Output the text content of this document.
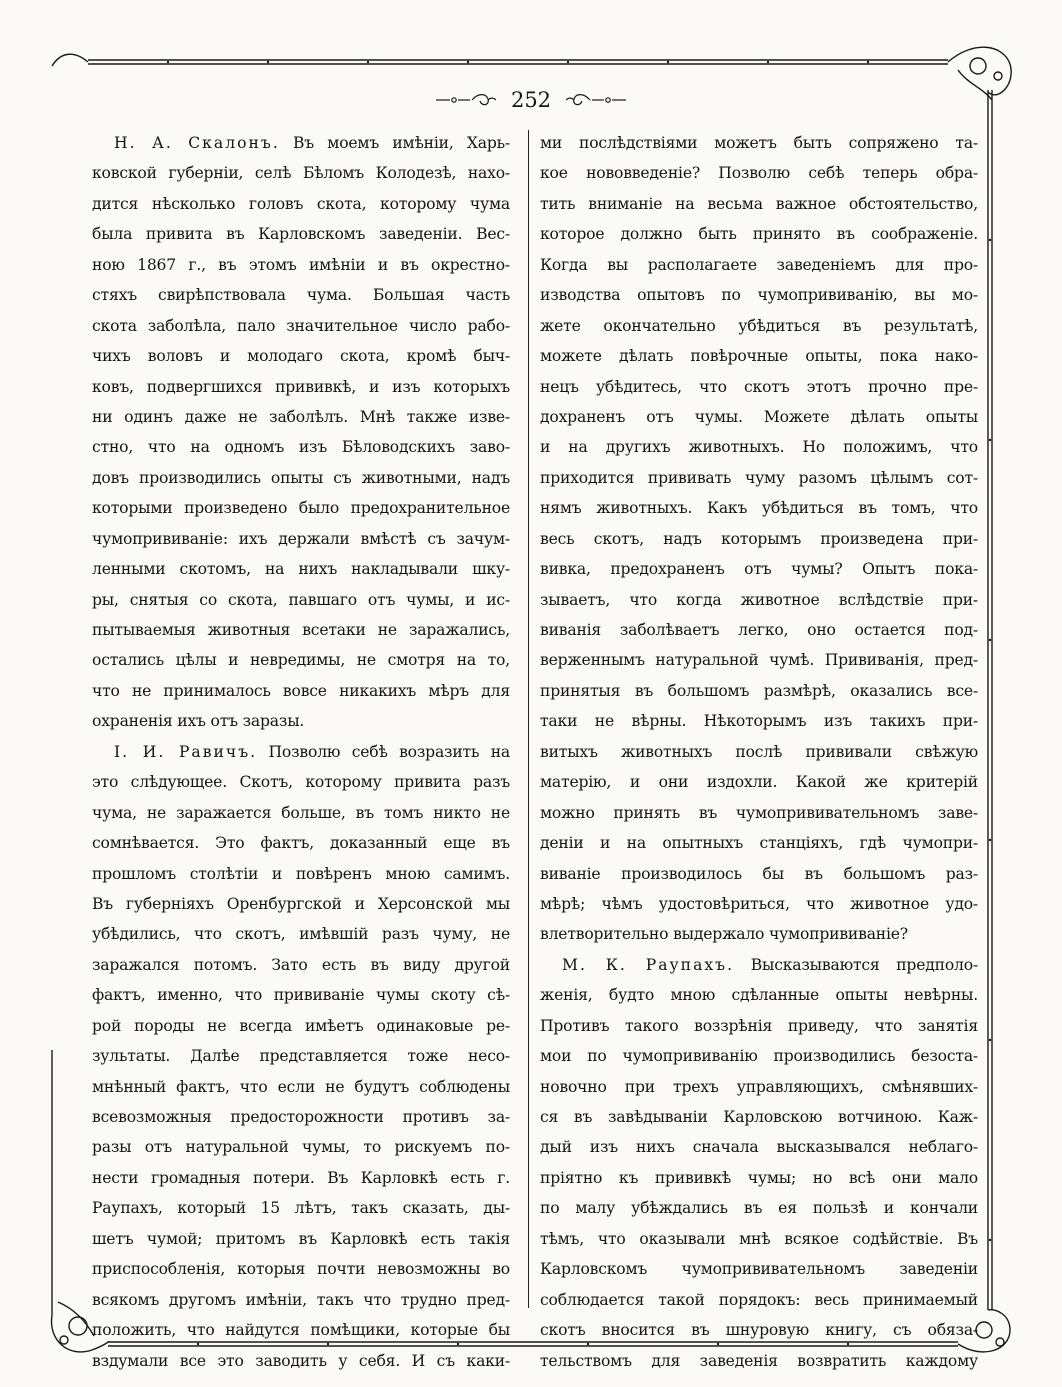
252
Н. А. Скалонъ. Въ моемъ имѣніи, Харь-
ковской губерніи, селѣ Бѣломъ Колодезѣ, нахо-
дится нѣсколько головъ скота, которому чума
была привита въ Карловскомъ заведеніи. Вес-
ною 1867 г., въ этомъ имѣніи и въ окрестно-
стяхъ свирѣпствовала чума. Большая часть
скота заболѣла, пало значительное число рабо-
чихъ воловъ и молодаго скота, кромѣ быч-
ковъ, подвергшихся прививкѣ, и изъ которыхъ
ни одинъ даже не заболѣлъ. Мнѣ также изве-
стно, что на одномъ изъ Бѣловодскихъ заво-
довъ производились опыты съ животными, надъ
которыми произведено было предохранительное
чумопрививаніе: ихъ держали вмѣстѣ съ зачум-
ленными скотомъ, на нихъ накладывали шку-
ры, снятыя со скота, павшаго отъ чумы, и ис-
пытываемыя животныя всетаки не заражались,
остались цѣлы и невредимы, не смотря на то,
что не принималось вовсе никакихъ мѣръ для
охраненія ихъ отъ заразы.
І. И. Равичъ. Позволю себѣ возразить на
это слѣдующее. Скотъ, которому привита разъ
чума, не заражается больше, въ томъ никто не
сомнѣвается. Это фактъ, доказанный еще въ
прошломъ столѣтіи и повѣренъ мною самимъ.
Въ губерніяхъ Оренбургской и Херсонской мы
убѣдились, что скотъ, имѣвшій разъ чуму, не
заражался потомъ. Зато есть въ виду другой
фактъ, именно, что прививаніе чумы скоту сѣ-
рой породы не всегда имѣетъ одинаковые ре-
зультаты. Далѣе представляется тоже несо-
мнѣнный фактъ, что если не будутъ соблюдены
всевозможныя предосторожности противъ за-
разы отъ натуральной чумы, то рискуемъ по-
нести громадныя потери. Въ Карловкѣ есть г.
Раупахъ, который 15 лѣтъ, такъ сказать, ды-
шетъ чумой; притомъ въ Карловкѣ есть такія
приспособленія, которыя почти невозможны во
всякомъ другомъ имѣніи, такъ что трудно пред-
положить, что найдутся помѣщики, которые бы
вздумали все это заводить у себя. И съ каки-
ми послѣдствіями можетъ быть сопряжено та-
кое нововведеніе? Позволю себѣ теперь обра-
тить вниманіе на весьма важное обстоятельство,
которое должно быть принято въ соображеніе.
Когда вы располагаете заведеніемъ для про-
изводства опытовъ по чумопрививанію, вы мо-
жете окончательно убѣдиться въ результатѣ,
можете дѣлать повѣрочные опыты, пока нако-
нецъ убѣдитесь, что скотъ этотъ прочно пре-
дохраненъ отъ чумы. Можете дѣлать опыты
и на другихъ животныхъ. Но положимъ, что
приходится прививать чуму разомъ цѣлымъ сот-
нямъ животныхъ. Какъ убѣдиться въ томъ, что
весь скотъ, надъ которымъ произведена при-
вивка, предохраненъ отъ чумы? Опытъ пока-
зываетъ, что когда животное вслѣдствіе при-
виванія заболѣваетъ легко, оно остается под-
верженнымъ натуральной чумѣ. Прививанія, пред-
принятыя въ большомъ размѣрѣ, оказались все-
таки не вѣрны. Нѣкоторымъ изъ такихъ при-
витыхъ животныхъ послѣ прививали свѣжую
матерію, и они издохли. Какой же критерій
можно принять въ чумопрививательномъ заве-
деніи и на опытныхъ станціяхъ, гдѣ чумопри-
виваніе производилось бы въ большомъ раз-
мѣрѣ; чѣмъ удостовѣриться, что животное удо-
влетворительно выдержало чумопрививаніе?
М. К. Раупахъ. Высказываются предполо-
женія, будто мною сдѣланные опыты невѣрны.
Противъ такого воззрѣнія приведу, что занятія
мои по чумопрививанію производились безоста-
новочно при трехъ управляющихъ, смѣнявших-
ся въ завѣдываніи Карловскою вотчиною. Каж-
дый изъ нихъ сначала высказывался неблаго-
пріятно къ прививкѣ чумы; но всѣ они мало
по малу убѣждались въ ея пользѣ и кончали
тѣмъ, что оказывали мнѣ всякое содѣйствіе. Въ
Карловскомъ чумопрививательномъ заведеніи
соблюдается такой порядокъ: весь принимаемый
скотъ вносится въ шнуровую книгу, съ обяза-
тельствомъ для заведенія возвратить каждому
